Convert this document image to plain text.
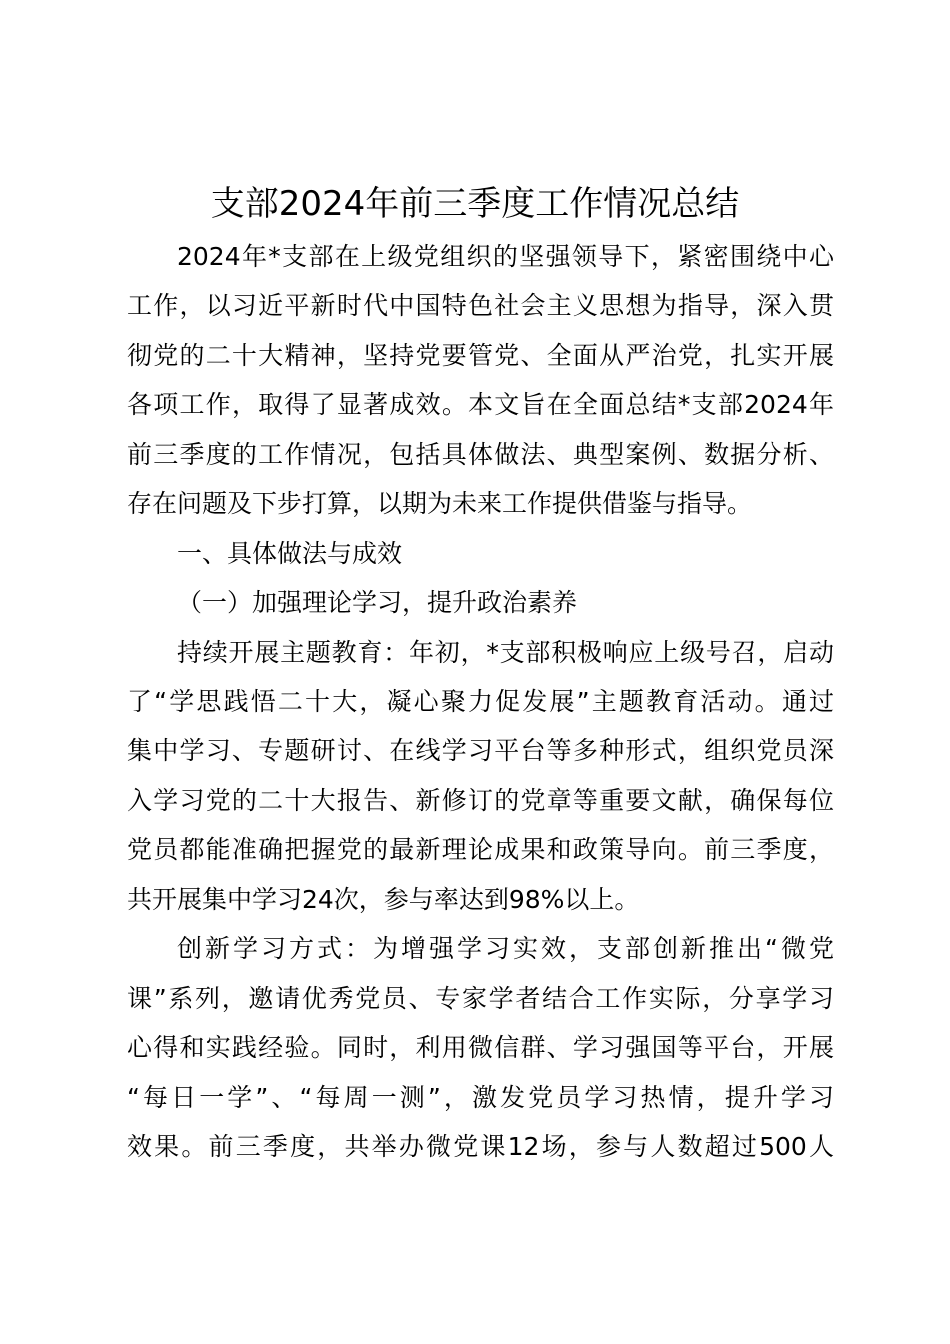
支部2024年前三季度工作情况总结
2024年*支部在上级党组织的坚强领导下，紧密围绕中心
工作，以习近平新时代中国特色社会主义思想为指导，深入贯
彻党的二十大精神，坚持党要管党、全面从严治党，扎实开展
各项工作，取得了显著成效。本文旨在全面总结*支部2024年
前三季度的工作情况，包括具体做法、典型案例、数据分析、
存在问题及下步打算，以期为未来工作提供借鉴与指导。
一、具体做法与成效
（一）加强理论学习，提升政治素养
持续开展主题教育：年初，*支部积极响应上级号召，启动
了“学思践悟二十大，凝心聚力促发展”主题教育活动。通过
集中学习、专题研讨、在线学习平台等多种形式，组织党员深
入学习党的二十大报告、新修订的党章等重要文献，确保每位
党员都能准确把握党的最新理论成果和政策导向。前三季度，
共开展集中学习24次，参与率达到98%以上。
创新学习方式：为增强学习实效，支部创新推出“微党
课”系列，邀请优秀党员、专家学者结合工作实际，分享学习
心得和实践经验。同时，利用微信群、学习强国等平台，开展
“每日一学”、“每周一测”，激发党员学习热情，提升学习
效果。前三季度，共举办微党课12场，参与人数超过500人
